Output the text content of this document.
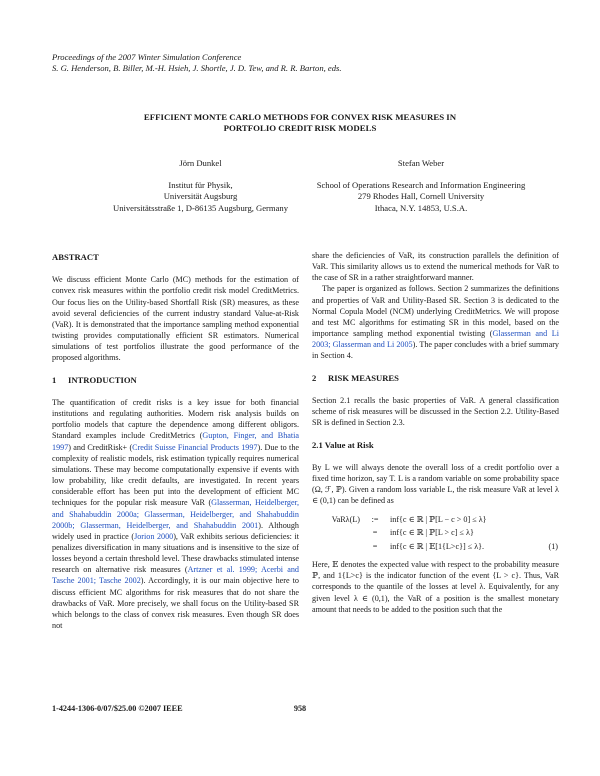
Proceedings of the 2007 Winter Simulation Conference
S. G. Henderson, B. Biller, M.-H. Hsieh, J. Shortle, J. D. Tew, and R. R. Barton, eds.
EFFICIENT MONTE CARLO METHODS FOR CONVEX RISK MEASURES IN
PORTFOLIO CREDIT RISK MODELS
Jörn Dunkel
Institut für Physik,
Universität Augsburg
Universitätsstraße 1, D-86135 Augsburg, Germany
Stefan Weber
School of Operations Research and Information Engineering
279 Rhodes Hall, Cornell University
Ithaca, N.Y. 14853, U.S.A.

ABSTRACT

We discuss efficient Monte Carlo (MC) methods for the estimation of convex risk measures within the portfolio credit risk model CreditMetrics. Our focus lies on the Utility-based Shortfall Risk (SR) measures, as these avoid several deficiencies of the current industry standard Value-at-Risk (VaR). It is demonstrated that the importance sampling method exponential twisting provides computationally efficient SR estimators. Numerical simulations of test portfolios illustrate the good performance of the proposed algorithms.

1 INTRODUCTION

The quantification of credit risks is a key issue for both financial institutions and regulating authorities. Modern risk analysis builds on portfolio models that capture the dependence among different obligors. Standard examples include CreditMetrics (Gupton, Finger, and Bhatia 1997) and CreditRisk+ (Credit Suisse Financial Products 1997). Due to the complexity of realistic models, risk estimation typically requires numerical simulations. These may become computationally expensive if events with low probability, like credit defaults, are investigated. In recent years considerable effort has been put into the development of efficient MC techniques for the popular risk measure VaR (Glasserman, Heidelberger, and Shahabuddin 2000a; Glasserman, Heidelberger, and Shahabuddin 2000b; Glasserman, Heidelberger, and Shahabuddin 2001). Although widely used in practice (Jorion 2000), VaR exhibits serious deficiencies: it penalizes diversification in many situations and is insensitive to the size of losses beyond a certain threshold level. These drawbacks stimulated intense research on alternative risk measures (Artzner et al. 1999; Acerbi and Tasche 2001; Tasche 2002). Accordingly, it is our main objective here to discuss efficient MC algorithms for risk measures that do not share the drawbacks of VaR. More precisely, we shall focus on the Utility-based SR which belongs to the class of convex risk measures. Even though SR does not

share the deficiencies of VaR, its construction parallels the definition of VaR. This similarity allows us to extend the numerical methods for VaR to the case of SR in a rather straightforward manner.

The paper is organized as follows. Section 2 summarizes the definitions and properties of VaR and Utility-Based SR. Section 3 is dedicated to the Normal Copula Model (NCM) underlying CreditMetrics. We will propose and test MC algorithms for estimating SR in this model, based on the importance sampling method exponential twisting (Glasserman and Li 2003; Glasserman and Li 2005). The paper concludes with a brief summary in Section 4.

2 RISK MEASURES

Section 2.1 recalls the basic properties of VaR. A general classification scheme of risk measures will be discussed in the Section 2.2. Utility-Based SR is defined in Section 2.3.

2.1 Value at Risk

By L we will always denote the overall loss of a credit portfolio over a fixed time horizon, say T. L is a random variable on some probability space (Ω, ℱ, ℙ). Given a random loss variable L, the risk measure VaR at level λ ∈ (0,1) can be defined as

VaRλ(L)	:=	inf{c ∈ ℝ | ℙ[L − c > 0] ≤ λ}
=	inf{c ∈ ℝ | ℙ[L > c] ≤ λ}
=	inf{c ∈ ℝ | 𝔼[1{L>c}] ≤ λ}.	(1)

Here, 𝔼 denotes the expected value with respect to the probability measure ℙ, and 1{L>c} is the indicator function of the event {L > c}. Thus, VaR corresponds to the quantile of the losses at level λ. Equivalently, for any given level λ ∈ (0,1), the VaR of a position is the smallest monetary amount that needs to be added to the position such that the

1-4244-1306-0/07/$25.00 ©2007 IEEE	958
